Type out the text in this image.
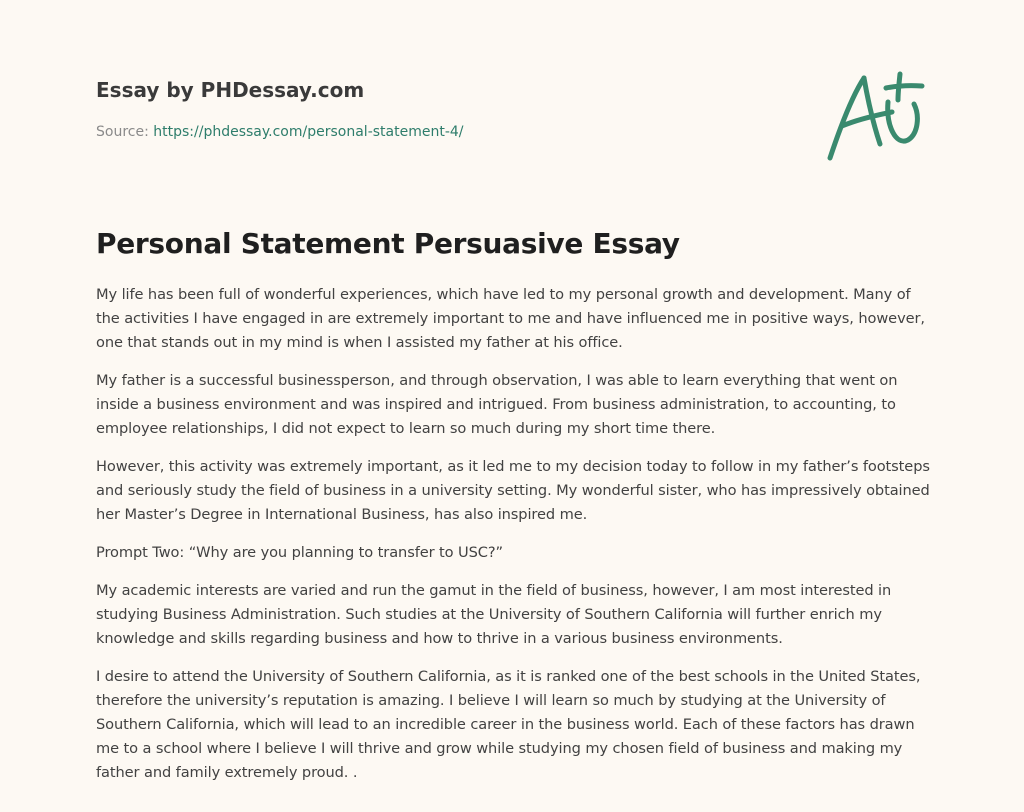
Essay by PHDessay.com
Source: https://phdessay.com/personal-statement-4/
Personal Statement Persuasive Essay

My life has been full of wonderful experiences, which have led to my personal growth and development. Many of the activities I have engaged in are extremely important to me and have influenced me in positive ways, however, one that stands out in my mind is when I assisted my father at his office.

My father is a successful businessperson, and through observation, I was able to learn everything that went on inside a business environment and was inspired and intrigued. From business administration, to accounting, to employee relationships, I did not expect to learn so much during my short time there.

However, this activity was extremely important, as it led me to my decision today to follow in my father’s footsteps and seriously study the field of business in a university setting. My wonderful sister, who has impressively obtained her Master’s Degree in International Business, has also inspired me.

Prompt Two: “Why are you planning to transfer to USC?”

My academic interests are varied and run the gamut in the field of business, however, I am most interested in studying Business Administration. Such studies at the University of Southern California will further enrich my knowledge and skills regarding business and how to thrive in a various business environments.

I desire to attend the University of Southern California, as it is ranked one of the best schools in the United States, therefore the university’s reputation is amazing. I believe I will learn so much by studying at the University of Southern California, which will lead to an incredible career in the business world. Each of these factors has drawn me to a school where I believe I will thrive and grow while studying my chosen field of business and making my father and family extremely proud. .
